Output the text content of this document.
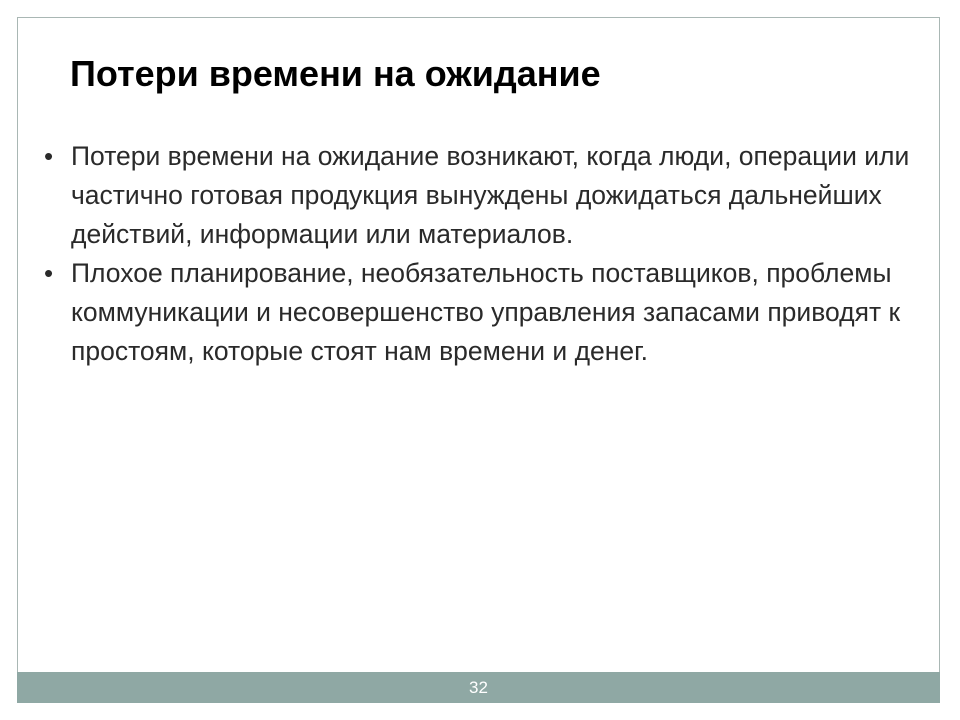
Потери времени на ожидание
• Потери времени на ожидание возникают, когда люди, операции или частично готовая продукция вынуждены дожидаться дальнейших действий, информации или материалов.
• Плохое планирование, необязательность поставщиков, проблемы коммуникации и несовершенство управления запасами приводят к простоям, которые стоят нам времени и денег.
32
